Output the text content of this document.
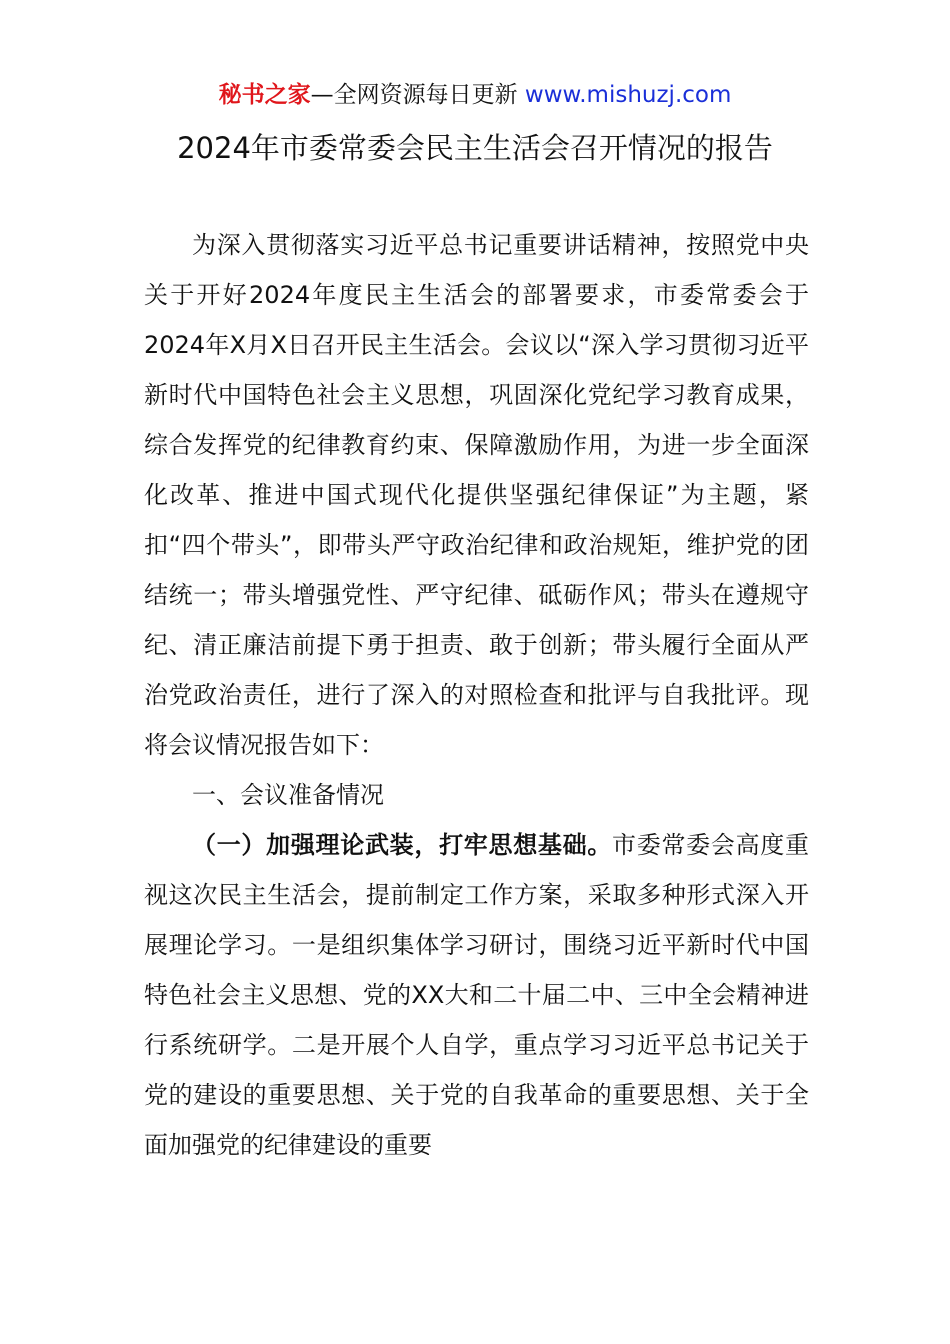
秘书之家—全网资源每日更新 www.mishuzj.com
2024年市委常委会民主生活会召开情况的报告

为深入贯彻落实习近平总书记重要讲话精神，按照党中央关于开好2024年度民主生活会的部署要求，市委常委会于2024年X月X日召开民主生活会。会议以“深入学习贯彻习近平新时代中国特色社会主义思想，巩固深化党纪学习教育成果，综合发挥党的纪律教育约束、保障激励作用，为进一步全面深化改革、推进中国式现代化提供坚强纪律保证”为主题，紧扣“四个带头”，即带头严守政治纪律和政治规矩，维护党的团结统一；带头增强党性、严守纪律、砥砺作风；带头在遵规守纪、清正廉洁前提下勇于担责、敢于创新；带头履行全面从严治党政治责任，进行了深入的对照检查和批评与自我批评。现将会议情况报告如下：

一、会议准备情况

（一）加强理论武装，打牢思想基础。市委常委会高度重视这次民主生活会，提前制定工作方案，采取多种形式深入开展理论学习。一是组织集体学习研讨，围绕习近平新时代中国特色社会主义思想、党的XX大和二十届二中、三中全会精神进行系统研学。二是开展个人自学，重点学习习近平总书记关于党的建设的重要思想、关于党的自我革命的重要思想、关于全面加强党的纪律建设的重要
